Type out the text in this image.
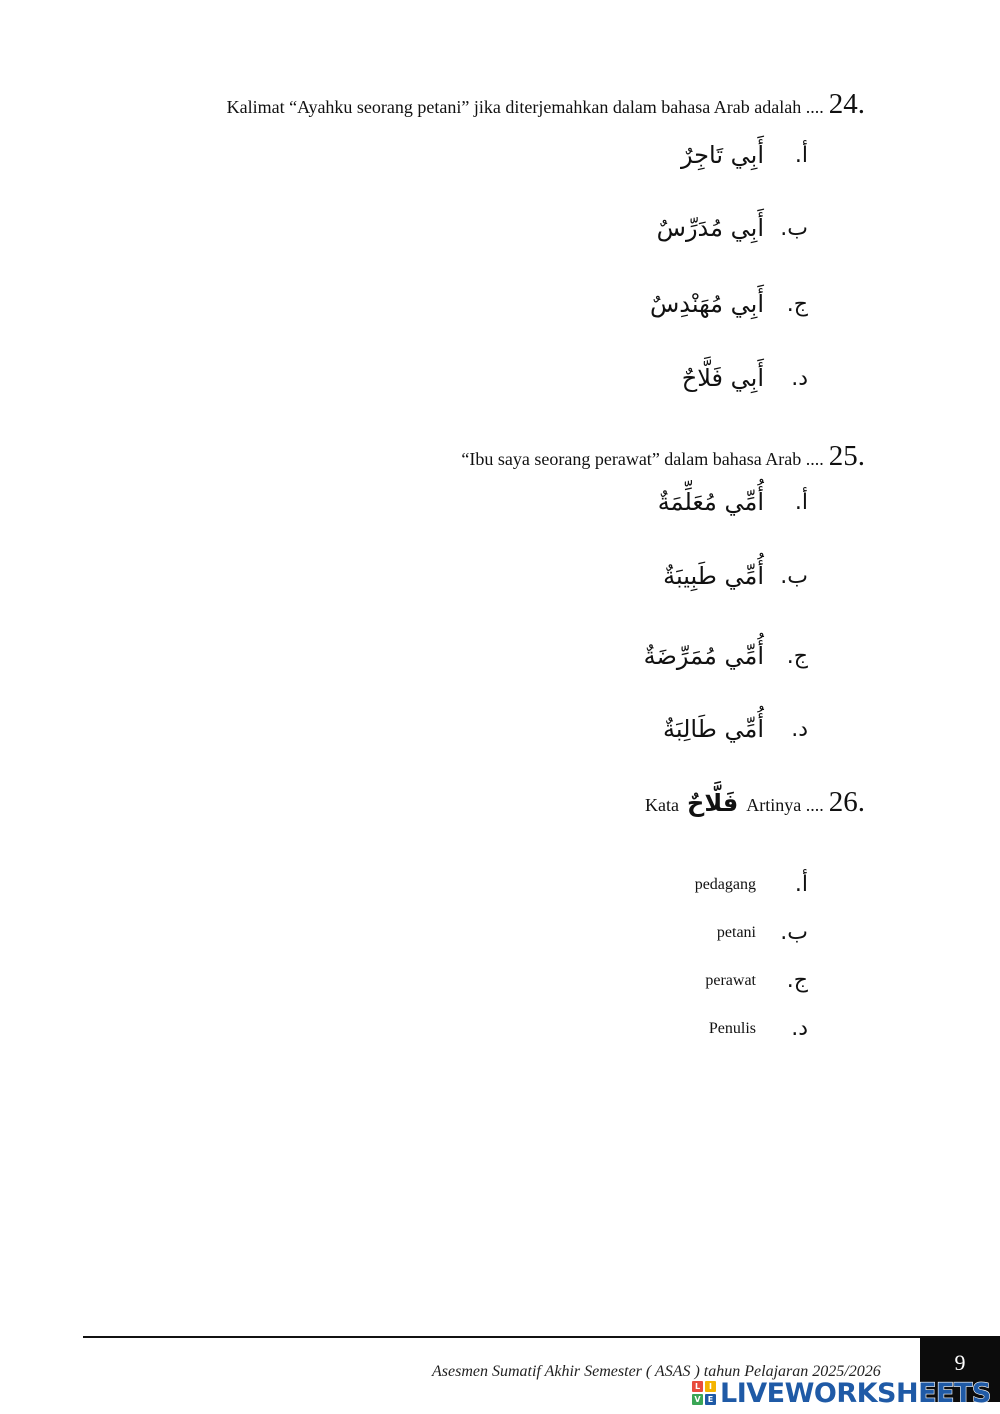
Kalimat “Ayahku seorang petani” jika diterjemahkan dalam bahasa Arab adalah .... 24.
أ.
أَبِي تَاجِرٌ
ب.
أَبِي مُدَرِّسٌ
ج.
أَبِي مُهَنْدِسٌ
د.
أَبِي فَلَّاحٌ
“Ibu saya seorang perawat” dalam bahasa Arab .... 25.
أ.
أُمِّي مُعَلِّمَةٌ
ب.
أُمِّي طَبِيبَةٌ
ج.
أُمِّي مُمَرِّضَةٌ
د.
أُمِّي طَالِبَةٌ
Kata فَلَّاحٌ Artinya .... 26.
أ.
pedagang
ب.
petani
ج.
perawat
د.
Penulis
Asesmen Sumatif Akhir Semester ( ASAS ) tahun Pelajaran 2025/2026	9
L	I
V E LIVEWORKSHEETS
